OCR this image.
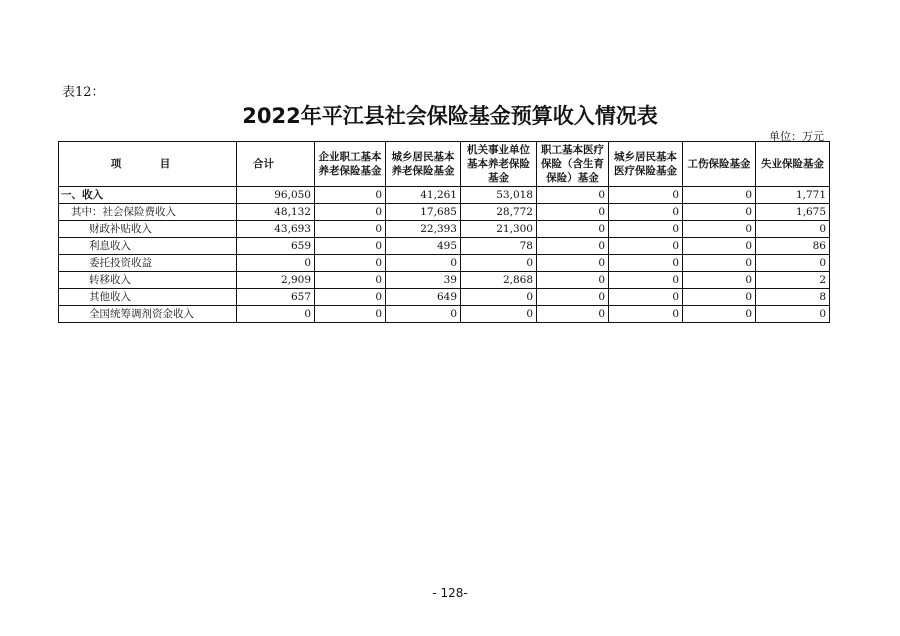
表12：
2022年平江县社会保险基金预算收入情况表
单位：万元
项　目	合计	企业职工基本养老保险基金	城乡居民基本养老保险基金	机关事业单位基本养老保险基金	职工基本医疗保险（含生育保险）基金	城乡居民基本医疗保险基金	工伤保险基金	失业保险基金
一、收入	96,050	0	41,261	53,018	0	0	0	1,771
其中：社会保险费收入	48,132	0	17,685	28,772	0	0	0	1,675
财政补贴收入	43,693	0	22,393	21,300	0	0	0	0
利息收入	659	0	495	78	0	0	0	86
委托投资收益	0	0	0	0	0	0	0	0
转移收入	2,909	0	39	2,868	0	0	0	2
其他收入	657	0	649	0	0	0	0	8
全国统筹调剂资金收入	0	0	0	0	0	0	0	0
- 128-
